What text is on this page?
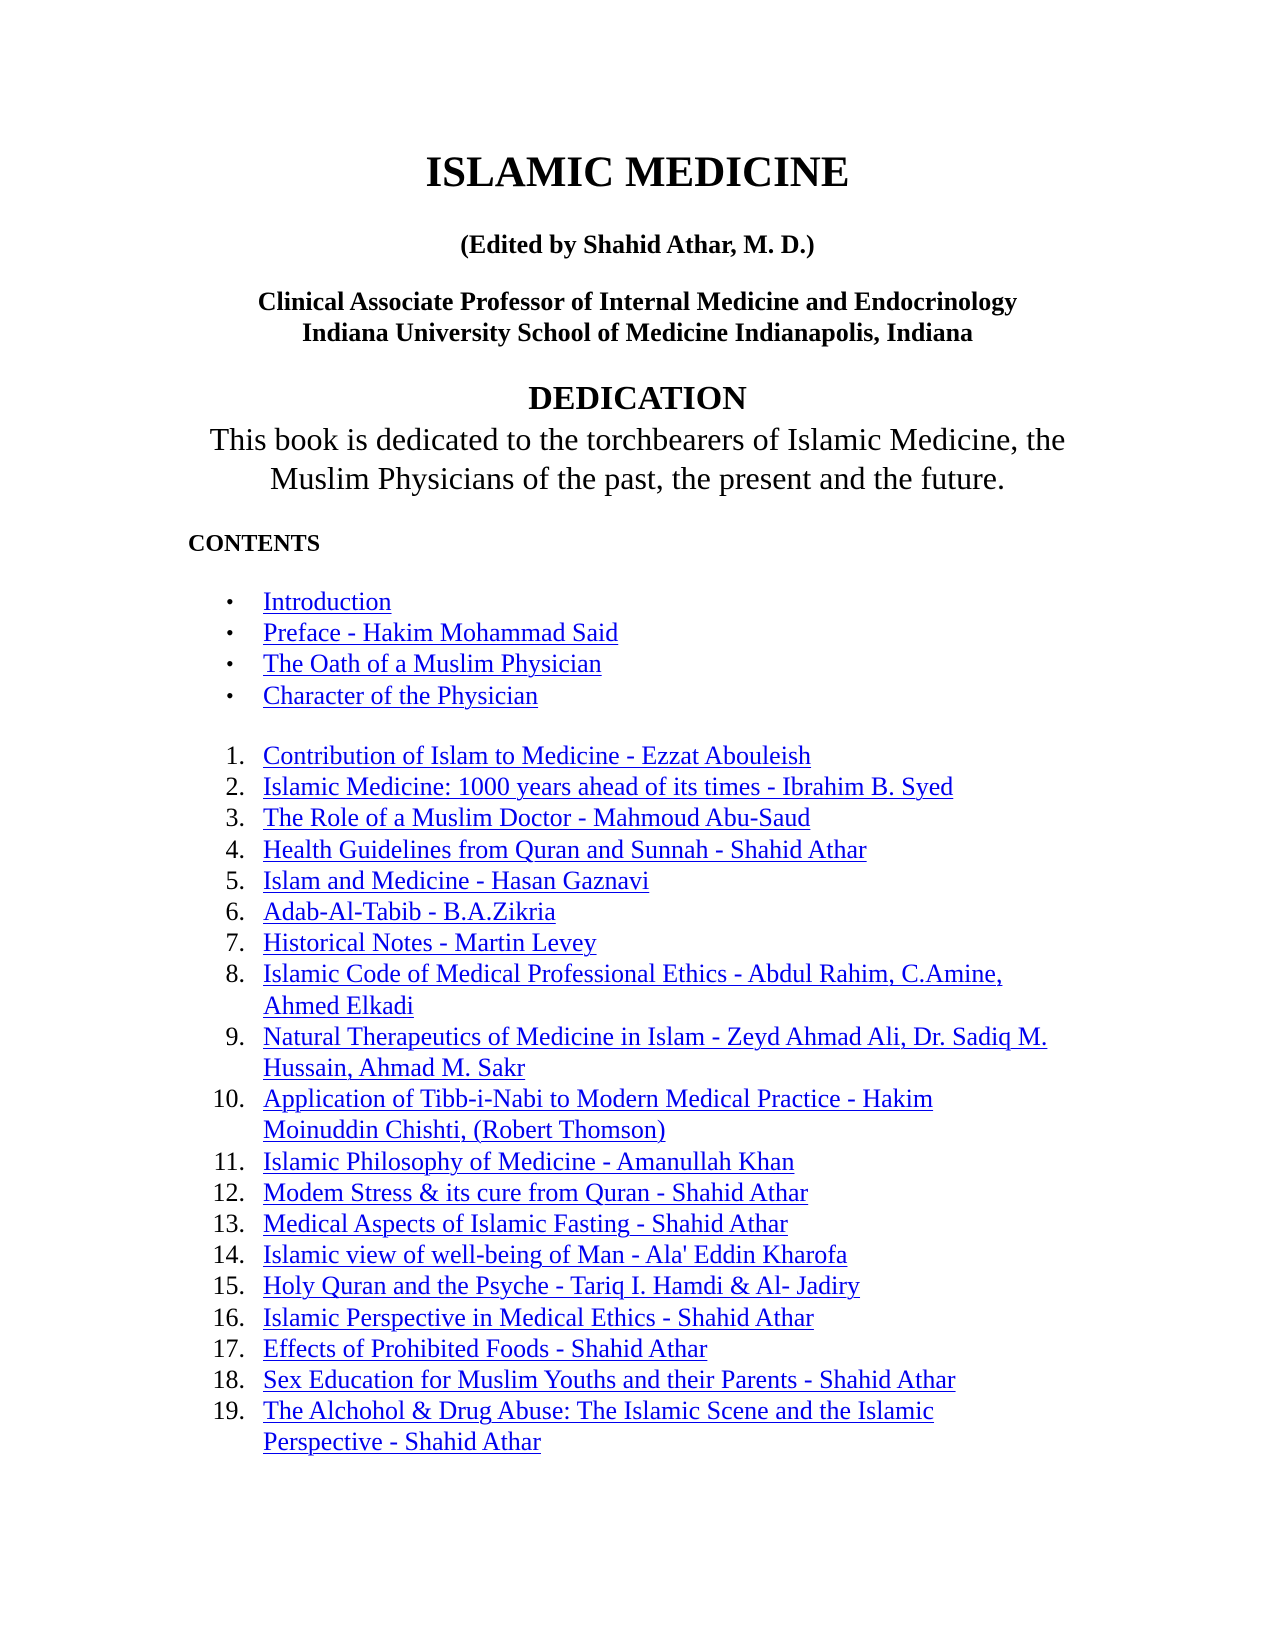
ISLAMIC MEDICINE
(Edited by Shahid Athar, M. D.)
Clinical Associate Professor of Internal Medicine and Endocrinology
Indiana University School of Medicine Indianapolis, Indiana
DEDICATION
This book is dedicated to the torchbearers of Islamic Medicine, the
Muslim Physicians of the past, the present and the future.
CONTENTS
•	Introduction
•	Preface - Hakim Mohammad Said
•	The Oath of a Muslim Physician
•	Character of the Physician
1. Contribution of Islam to Medicine - Ezzat Abouleish
2. Islamic Medicine: 1000 years ahead of its times - Ibrahim B. Syed
3. The Role of a Muslim Doctor - Mahmoud Abu-Saud
4. Health Guidelines from Quran and Sunnah - Shahid Athar
5. Islam and Medicine - Hasan Gaznavi
6. Adab-Al-Tabib - B.A.Zikria
7. Historical Notes - Martin Levey
8. Islamic Code of Medical Professional Ethics - Abdul Rahim, C.Amine,
Ahmed Elkadi
9. Natural Therapeutics of Medicine in Islam - Zeyd Ahmad Ali, Dr. Sadiq M.
Hussain, Ahmad M. Sakr
10. Application of Tibb-i-Nabi to Modern Medical Practice - Hakim
Moinuddin Chishti, (Robert Thomson)
11. Islamic Philosophy of Medicine - Amanullah Khan
12. Modem Stress & its cure from Quran - Shahid Athar
13. Medical Aspects of Islamic Fasting - Shahid Athar
14. Islamic view of well-being of Man - Ala' Eddin Kharofa
15. Holy Quran and the Psyche - Tariq I. Hamdi & Al- Jadiry
16. Islamic Perspective in Medical Ethics - Shahid Athar
17. Effects of Prohibited Foods - Shahid Athar
18. Sex Education for Muslim Youths and their Parents - Shahid Athar
19. The Alchohol & Drug Abuse: The Islamic Scene and the Islamic
Perspective - Shahid Athar
